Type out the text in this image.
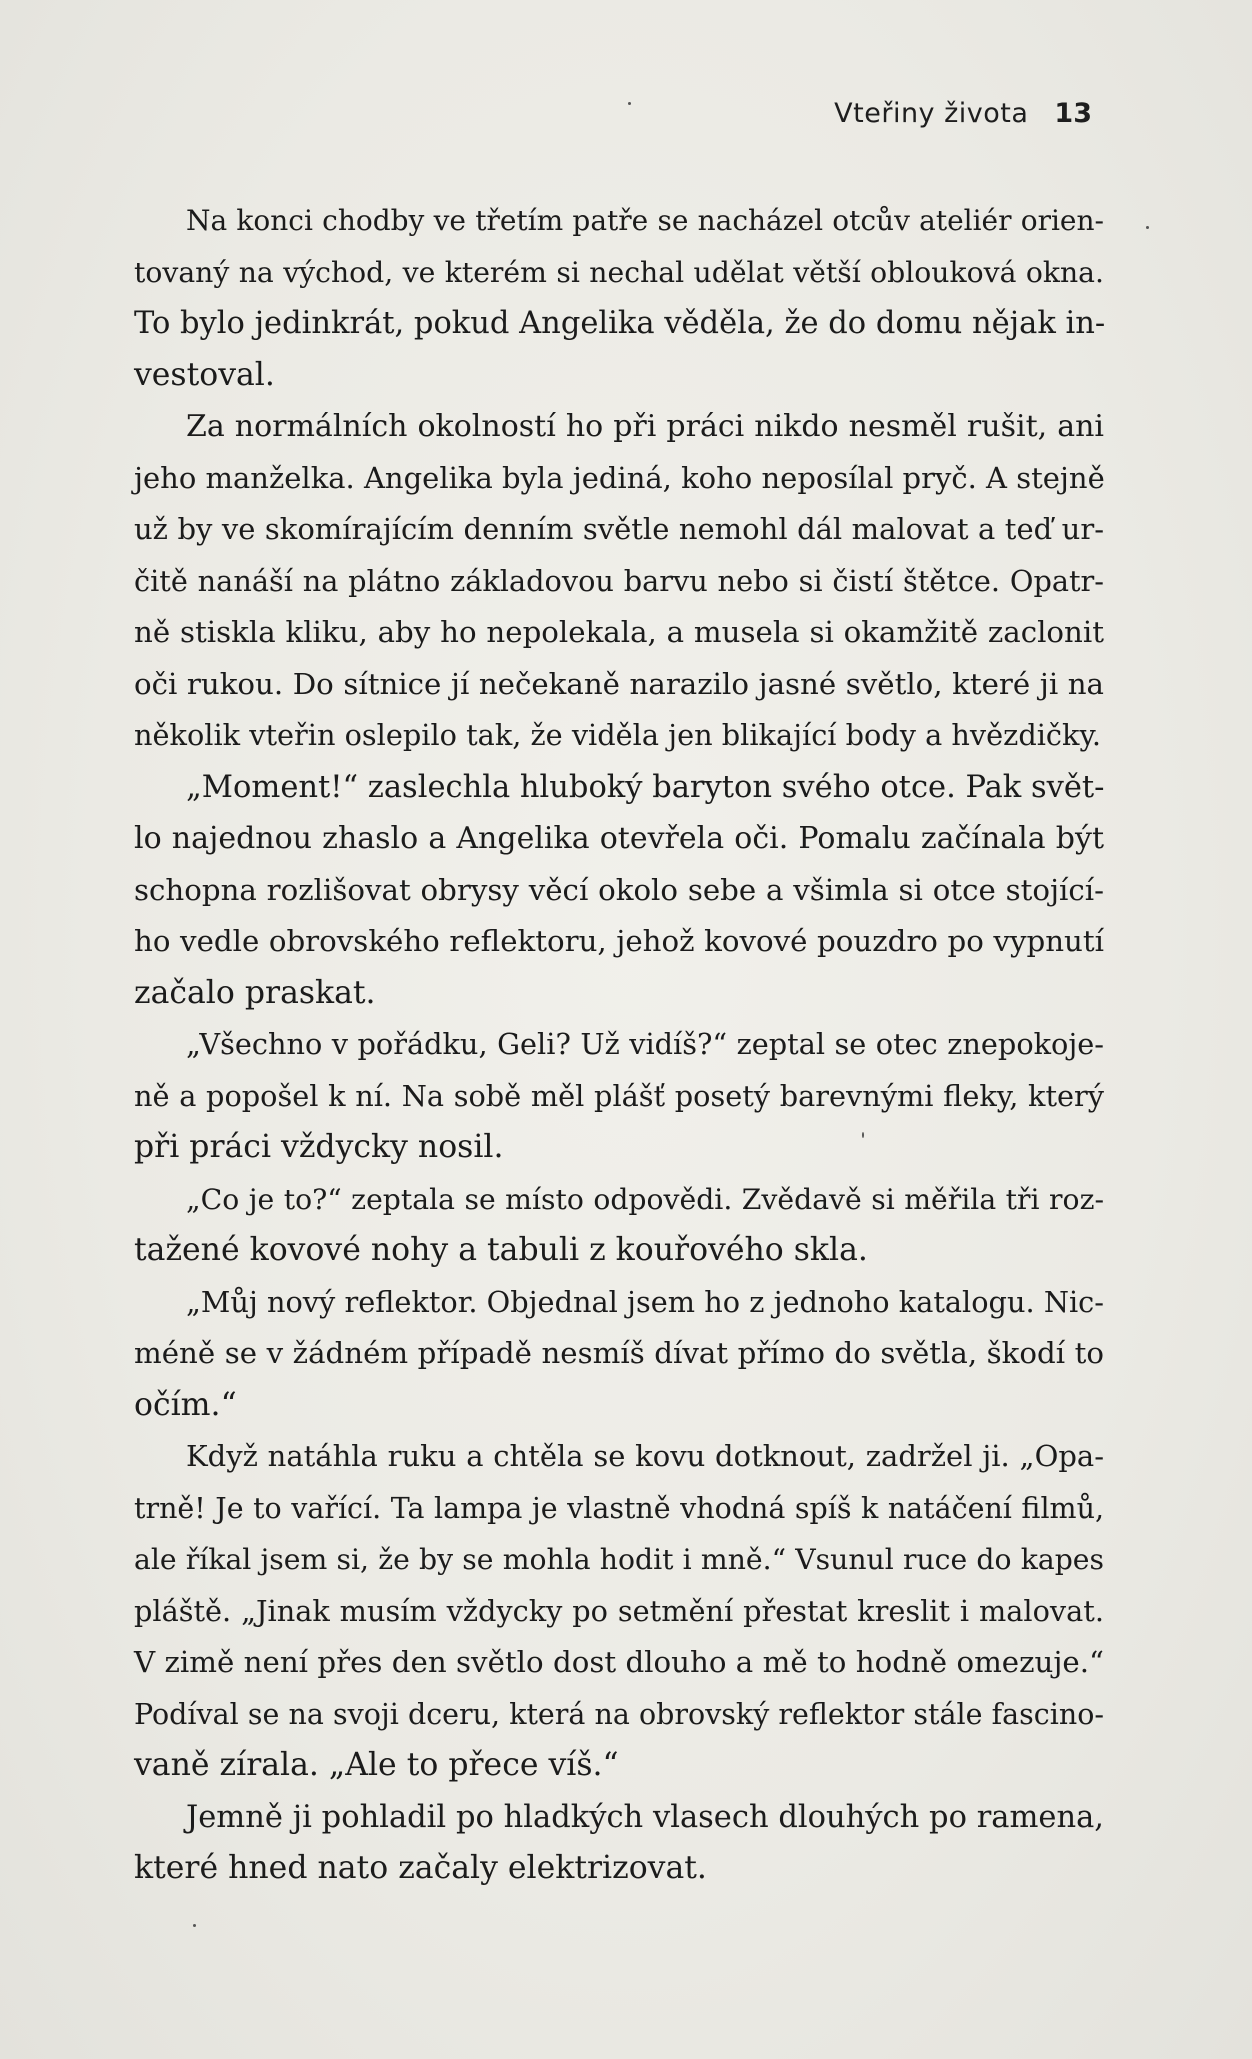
Vteřiny života 13

Na konci chodby ve třetím patře se nacházel otcův ateliér orien-

tovaný na východ, ve kterém si nechal udělat větší oblouková okna.

To bylo jedinkrát, pokud Angelika věděla, že do domu nějak in-

vestoval.

Za normálních okolností ho při práci nikdo nesměl rušit, ani

jeho manželka. Angelika byla jediná, koho neposílal pryč. A stejně

už by ve skomírajícím denním světle nemohl dál malovat a teď ur-

čitě nanáší na plátno základovou barvu nebo si čistí štětce. Opatr-

ně stiskla kliku, aby ho nepolekala, a musela si okamžitě zaclonit

oči rukou. Do sítnice jí nečekaně narazilo jasné světlo, které ji na

několik vteřin oslepilo tak, že viděla jen blikající body a hvězdičky.

„Moment!“ zaslechla hluboký baryton svého otce. Pak svět-

lo najednou zhaslo a Angelika otevřela oči. Pomalu začínala být

schopna rozlišovat obrysy věcí okolo sebe a všimla si otce stojící-

ho vedle obrovského reflektoru, jehož kovové pouzdro po vypnutí

začalo praskat.

„Všechno v pořádku, Geli? Už vidíš?“ zeptal se otec znepokoje-

ně a popošel k ní. Na sobě měl plášť posetý barevnými fleky, který

při práci vždycky nosil.

„Co je to?“ zeptala se místo odpovědi. Zvědavě si měřila tři roz-

tažené kovové nohy a tabuli z kouřového skla.

„Můj nový reflektor. Objednal jsem ho z jednoho katalogu. Nic-

méně se v žádném případě nesmíš dívat přímo do světla, škodí to

očím.“

Když natáhla ruku a chtěla se kovu dotknout, zadržel ji. „Opa-

trně! Je to vařící. Ta lampa je vlastně vhodná spíš k natáčení filmů,

ale říkal jsem si, že by se mohla hodit i mně.“ Vsunul ruce do kapes

pláště. „Jinak musím vždycky po setmění přestat kreslit i malovat.

V zimě není přes den světlo dost dlouho a mě to hodně omezuje.“

Podíval se na svoji dceru, která na obrovský reflektor stále fascino-

vaně zírala. „Ale to přece víš.“

Jemně ji pohladil po hladkých vlasech dlouhých po ramena,

které hned nato začaly elektrizovat.
